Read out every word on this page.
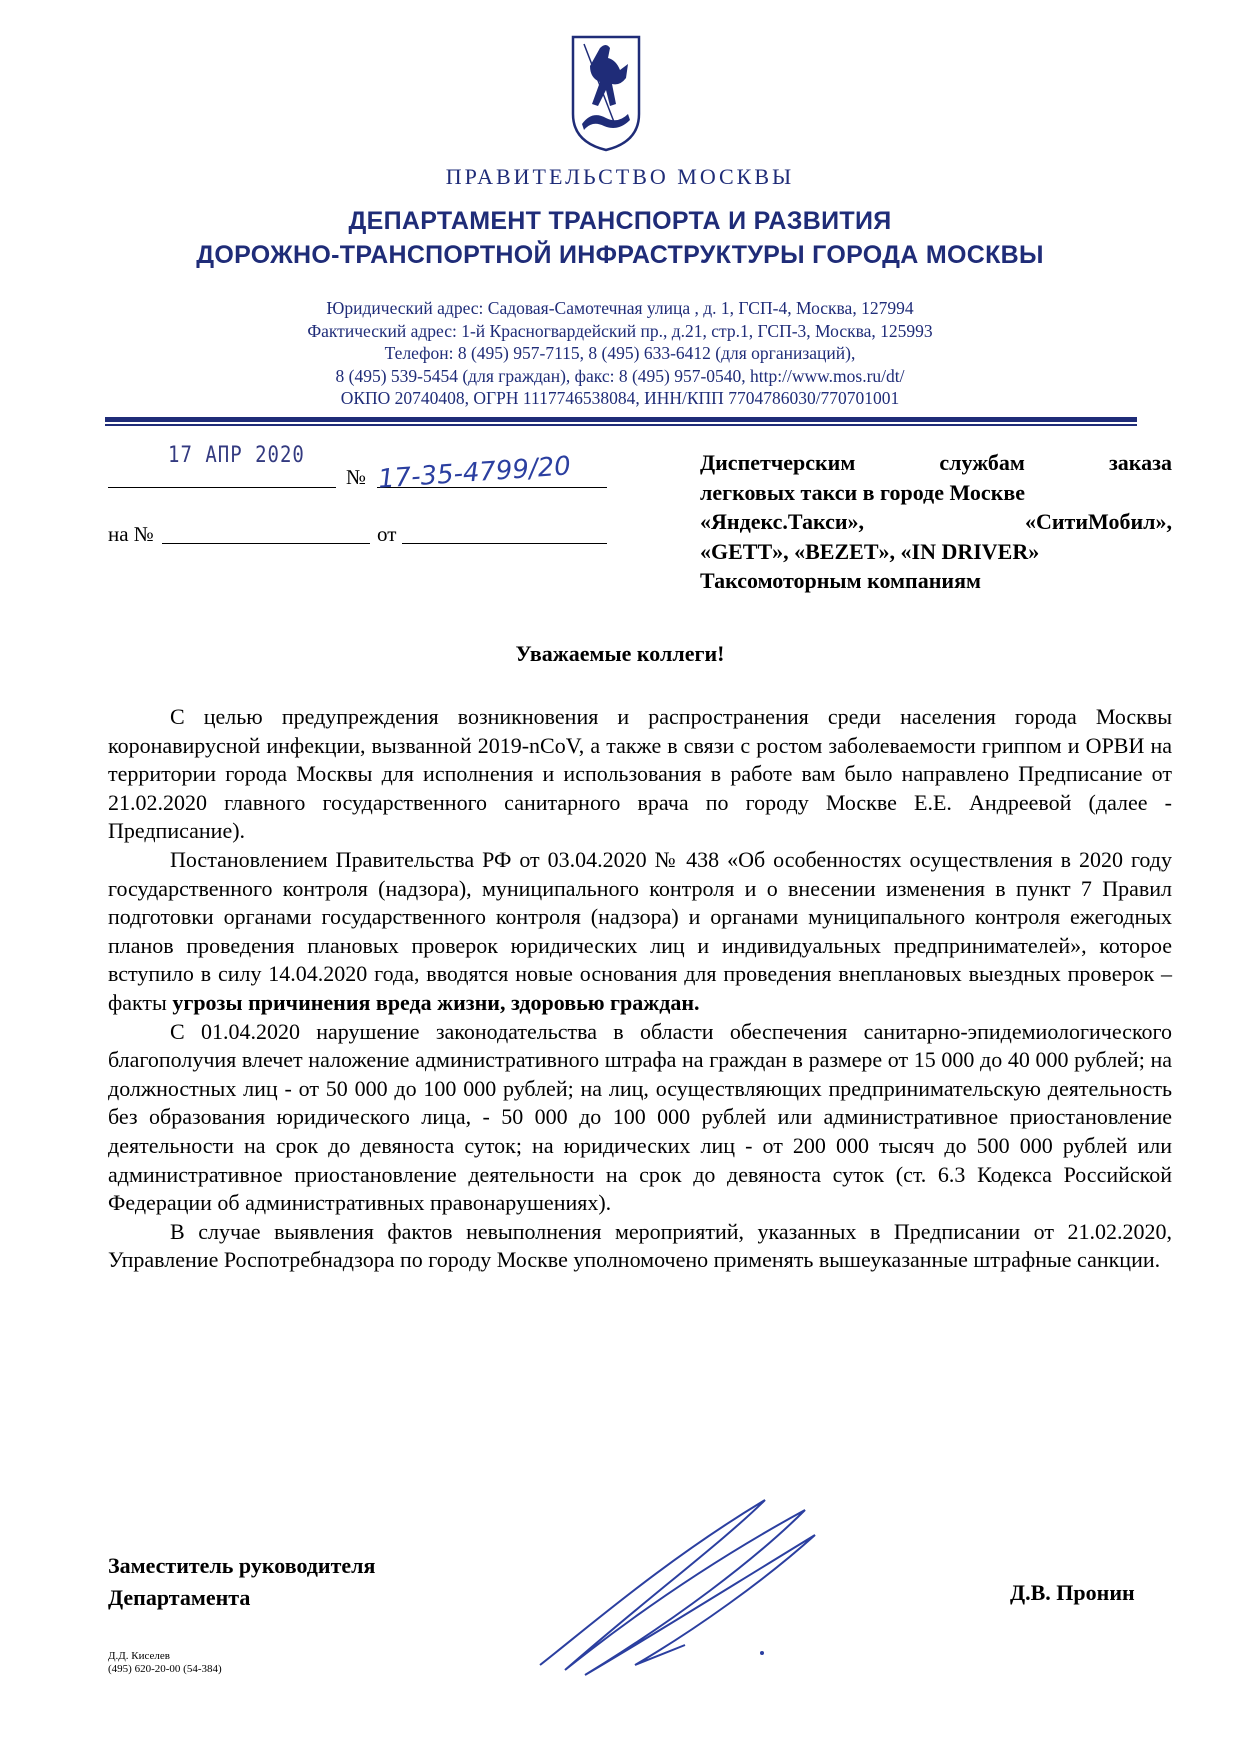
ПРАВИТЕЛЬСТВО МОСКВЫ
ДЕПАРТАМЕНТ ТРАНСПОРТА И РАЗВИТИЯ
ДОРОЖНО-ТРАНСПОРТНОЙ ИНФРАСТРУКТУРЫ ГОРОДА МОСКВЫ
Юридический адрес: Садовая-Самотечная улица , д. 1, ГСП-4, Москва, 127994
Фактический адрес: 1-й Красногвардейский пр., д.21, стр.1, ГСП-3, Москва, 125993
Телефон: 8 (495) 957-7115, 8 (495) 633-6412 (для организаций),
8 (495) 539-5454 (для граждан), факс: 8 (495) 957-0540, http://www.mos.ru/dt/
ОКПО 20740408, ОГРН 1117746538084, ИНН/КПП 7704786030/770701001
17 АПР 2020
№ 17-35-4799/20
на №	от
Диспетчерским службам заказа
легковых такси в городе Москве
«Яндекс.Такси», «СитиМобил»,
«GETT», «BEZET», «IN DRIVER»
Таксомоторным компаниям
Уважаемые коллеги!

С целью предупреждения возникновения и распространения среди населения города Москвы коронавирусной инфекции, вызванной 2019-nCoV, а также в связи с ростом заболеваемости гриппом и ОРВИ на территории города Москвы для исполнения и использования в работе вам было направлено Предписание от 21.02.2020 главного государственного санитарного врача по городу Москве Е.Е. Андреевой (далее - Предписание).

Постановлением Правительства РФ от 03.04.2020 № 438 «Об особенностях осуществления в 2020 году государственного контроля (надзора), муниципального контроля и о внесении изменения в пункт 7 Правил подготовки органами государственного контроля (надзора) и органами муниципального контроля ежегодных планов проведения плановых проверок юридических лиц и индивидуальных предпринимателей», которое вступило в силу 14.04.2020 года, вводятся новые основания для проведения внеплановых выездных проверок – факты угрозы причинения вреда жизни, здоровью граждан.

С 01.04.2020 нарушение законодательства в области обеспечения санитарно-эпидемиологического благополучия влечет наложение административного штрафа на граждан в размере от 15 000 до 40 000 рублей; на должностных лиц - от 50 000 до 100 000 рублей; на лиц, осуществляющих предпринимательскую деятельность без образования юридического лица, - 50 000 до 100 000 рублей или административное приостановление деятельности на срок до девяноста суток; на юридических лиц - от 200 000 тысяч до 500 000 рублей или административное приостановление деятельности на срок до девяноста суток (ст. 6.3 Кодекса Российской Федерации об административных правонарушениях).

В случае выявления фактов невыполнения мероприятий, указанных в Предписании от 21.02.2020, Управление Роспотребнадзора по городу Москве уполномочено применять вышеуказанные штрафные санкции.

Заместитель руководителя
Департамента	Д.В. Пронин
Д.Д. Киселев
(495) 620-20-00 (54-384)
